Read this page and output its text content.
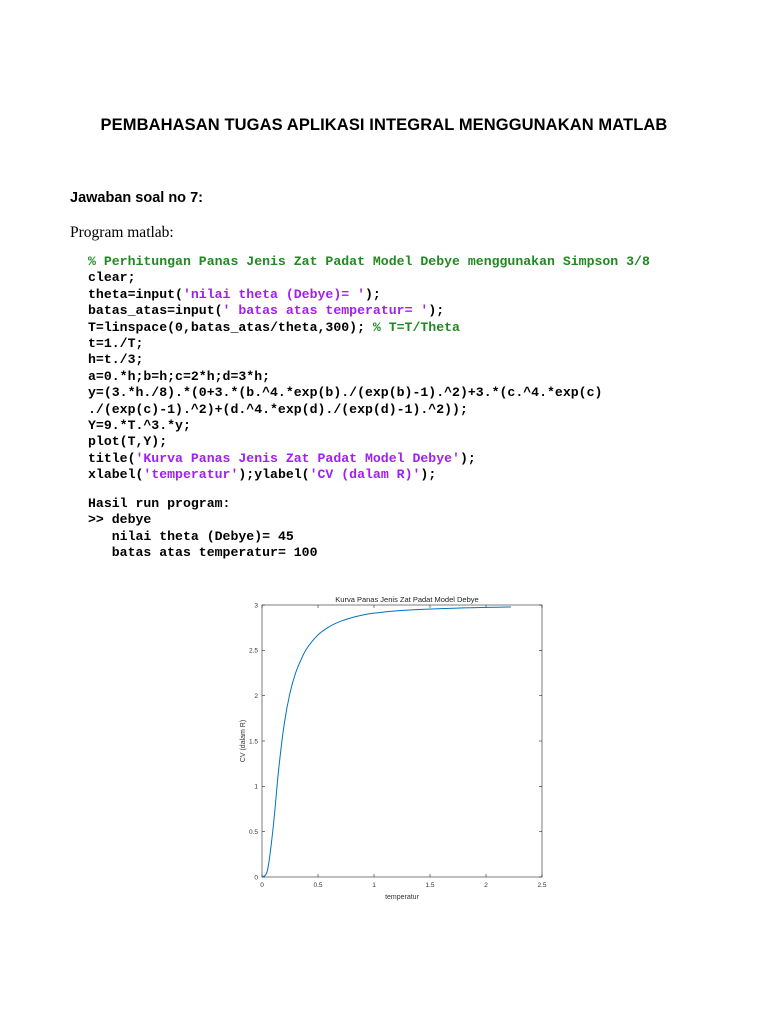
PEMBAHASAN TUGAS APLIKASI INTEGRAL MENGGUNAKAN MATLAB
Jawaban soal no 7:
Program matlab:
% Perhitungan Panas Jenis Zat Padat Model Debye menggunakan Simpson 3/8
clear;
theta=input('nilai theta (Debye)= ');
batas_atas=input(' batas atas temperatur= ');
T=linspace(0,batas_atas/theta,300); % T=T/Theta
t=1./T;
h=t./3;
a=0.*h;b=h;c=2*h;d=3*h;
y=(3.*h./8).*(0+3.*(b.^4.*exp(b)./(exp(b)-1).^2)+3.*(c.^4.*exp(c)
./(exp(c)-1).^2)+(d.^4.*exp(d)./(exp(d)-1).^2));
Y=9.*T.^3.*y;
plot(T,Y);
title('Kurva Panas Jenis Zat Padat Model Debye');
xlabel('temperatur');ylabel('CV (dalam R)');
Hasil run program:
>> debye
nilai theta (Debye)= 45
batas atas temperatur= 100
Kurva Panas Jenis Zat Padat Model Debye
temperatur
CV (dalam R)
0	0.5	1	1.5	2	2.5
0
0.5
1
1.5
2
2.5
3
